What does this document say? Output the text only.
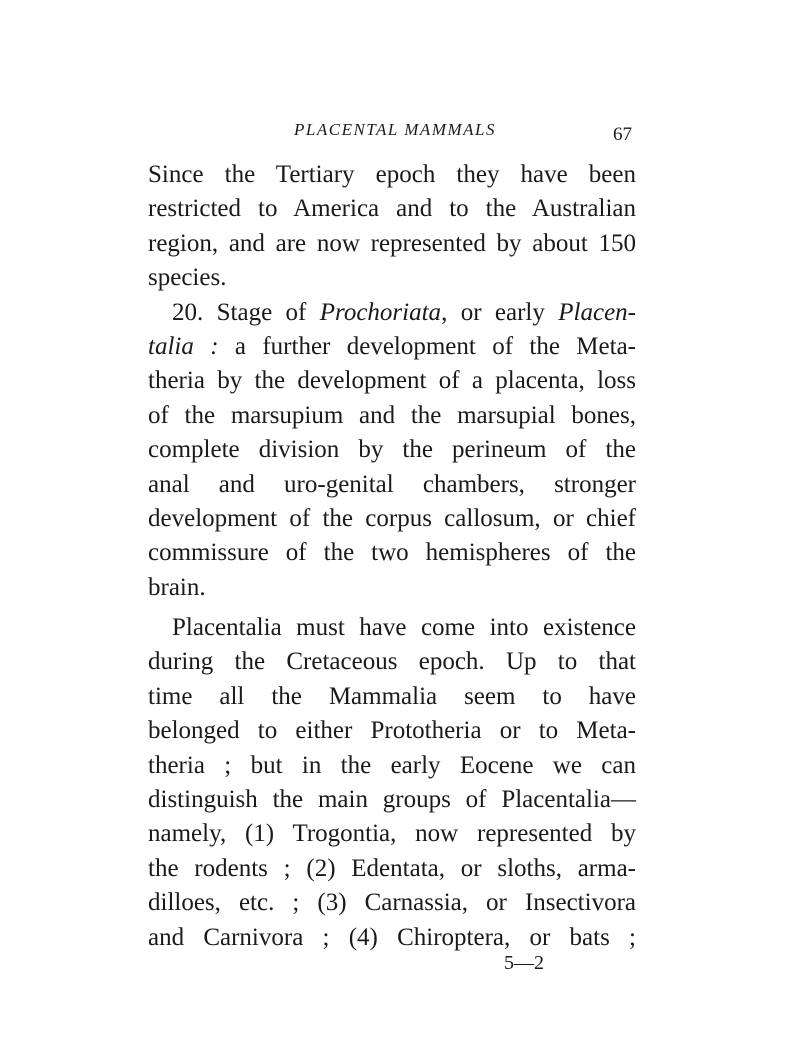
PLACENTAL MAMMALS	67
Since the Tertiary epoch they have been
restricted to America and to the Australian
region, and are now represented by about 150
species.
20. Stage of Prochoriata, or early Placen-
talia : a further development of the Meta-
theria by the development of a placenta, loss
of the marsupium and the marsupial bones,
complete division by the perineum of the
anal and uro-genital chambers, stronger
development of the corpus callosum, or chief
commissure of the two hemispheres of the
brain.
Placentalia must have come into existence
during the Cretaceous epoch. Up to that
time all the Mammalia seem to have
belonged to either Prototheria or to Meta-
theria ; but in the early Eocene we can
distinguish the main groups of Placentalia—
namely, (1) Trogontia, now represented by
the rodents ; (2) Edentata, or sloths, arma-
dilloes, etc. ; (3) Carnassia, or Insectivora
and Carnivora ; (4) Chiroptera, or bats ;
5—2
